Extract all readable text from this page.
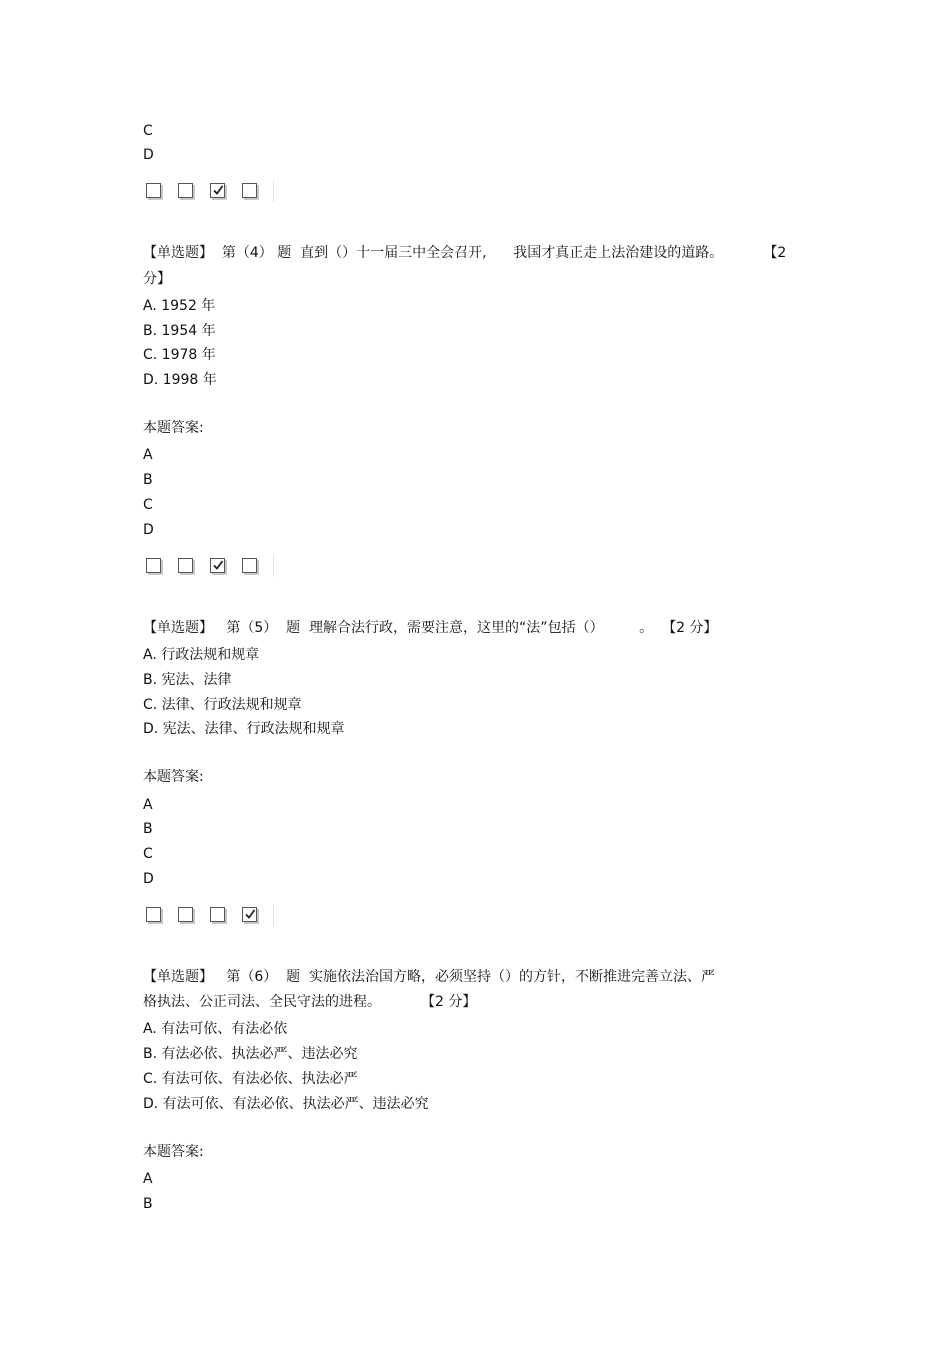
C
D
【单选题】  第（4） 题  直到（）十一届三中全会召开,      我国才真正走上法治建设的道路。         【2
分】
A. 1952 年
B. 1954 年
C. 1978 年
D. 1998 年
本题答案:
A
B
C
D
【单选题】   第（5）  题  理解合法行政，需要注意，这里的“法”包括（）        。  【2 分】
A. 行政法规和规章
B. 宪法、法律
C. 法律、行政法规和规章
D. 宪法、法律、行政法规和规章
本题答案:
A
B
C
D
【单选题】   第（6）  题  实施依法治国方略，必须坚持（）的方针，不断推进完善立法、严
格执法、公正司法、全民守法的进程。         【2 分】
A. 有法可依、有法必依
B. 有法必依、执法必严、违法必究
C. 有法可依、有法必依、执法必严
D. 有法可依、有法必依、执法必严、违法必究
本题答案:
A
B
